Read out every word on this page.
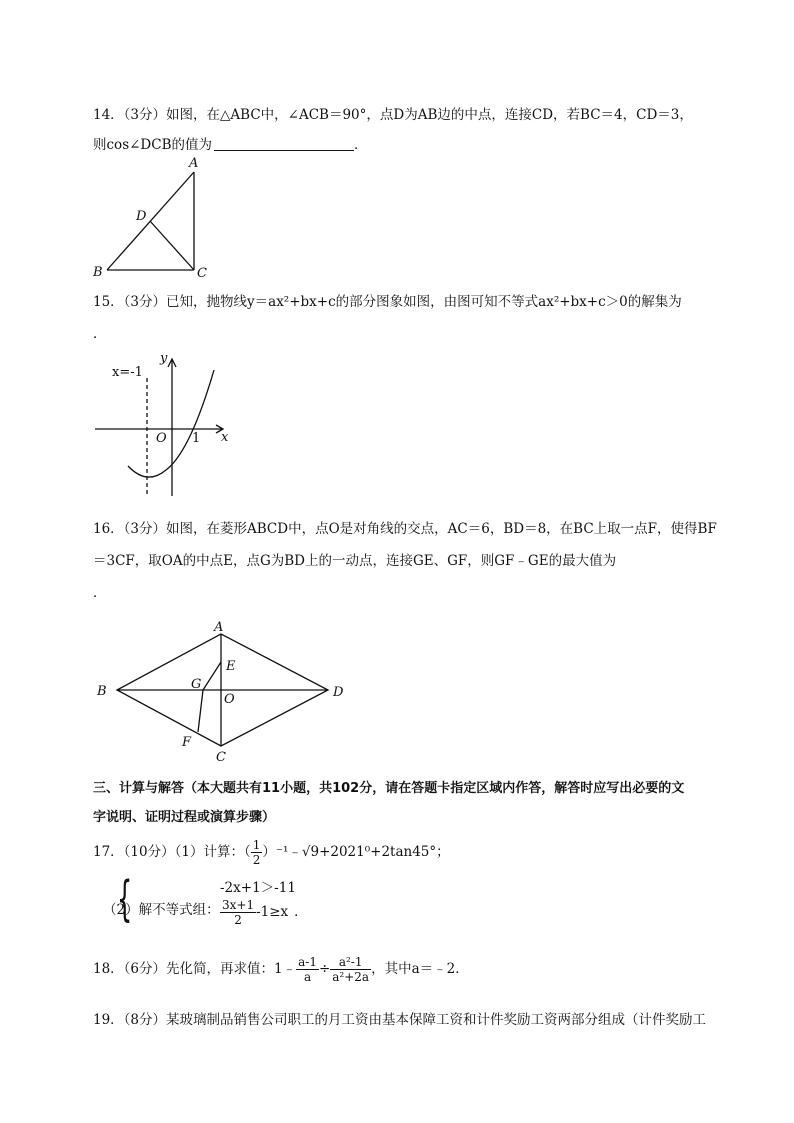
14．（3分）如图，在△ABC中，∠ACB＝90°，点D为AB边的中点，连接CD，若BC＝4，CD＝3，
则cos∠DCB的值为	．
A
B	C
D
x=-1
y
x
O 1
A
B
C
D
E
G
O
F
15．（3分）已知，抛物线y＝ax²+bx+c的部分图象如图，由图可知不等式ax²+bx+c＞0的解集为
．
16．（3分）如图，在菱形ABCD中，点O是对角线的交点，AC＝6，BD＝8，在BC上取一点F，使得BF
＝3CF，取OA的中点E，点G为BD上的一动点，连接GE、GF，则GF﹣GE的最大值为
．
三、计算与解答（本大题共有11小题，共102分，请在答题卡指定区域内作答，解答时应写出必要的文
字说明、证明过程或演算步骤）
17．（10分）（1）计算：（ $\frac{1}{2}$ ）⁻¹﹣√9+2021⁰+2tan45°；
（2）解不等式组：
{	-2x+1＞-11
$\frac{3x+1}{2} -1\ge x$ ．
18．（6分）先化简，再求值：1﹣ $\frac{a-1}{a} \div \frac{\text{a²-1}}{\text{a²+2a}}$ ，其中a＝﹣2．
19．（8分）某玻璃制品销售公司职工的月工资由基本保障工资和计件奖励工资两部分组成（计件奖励工
